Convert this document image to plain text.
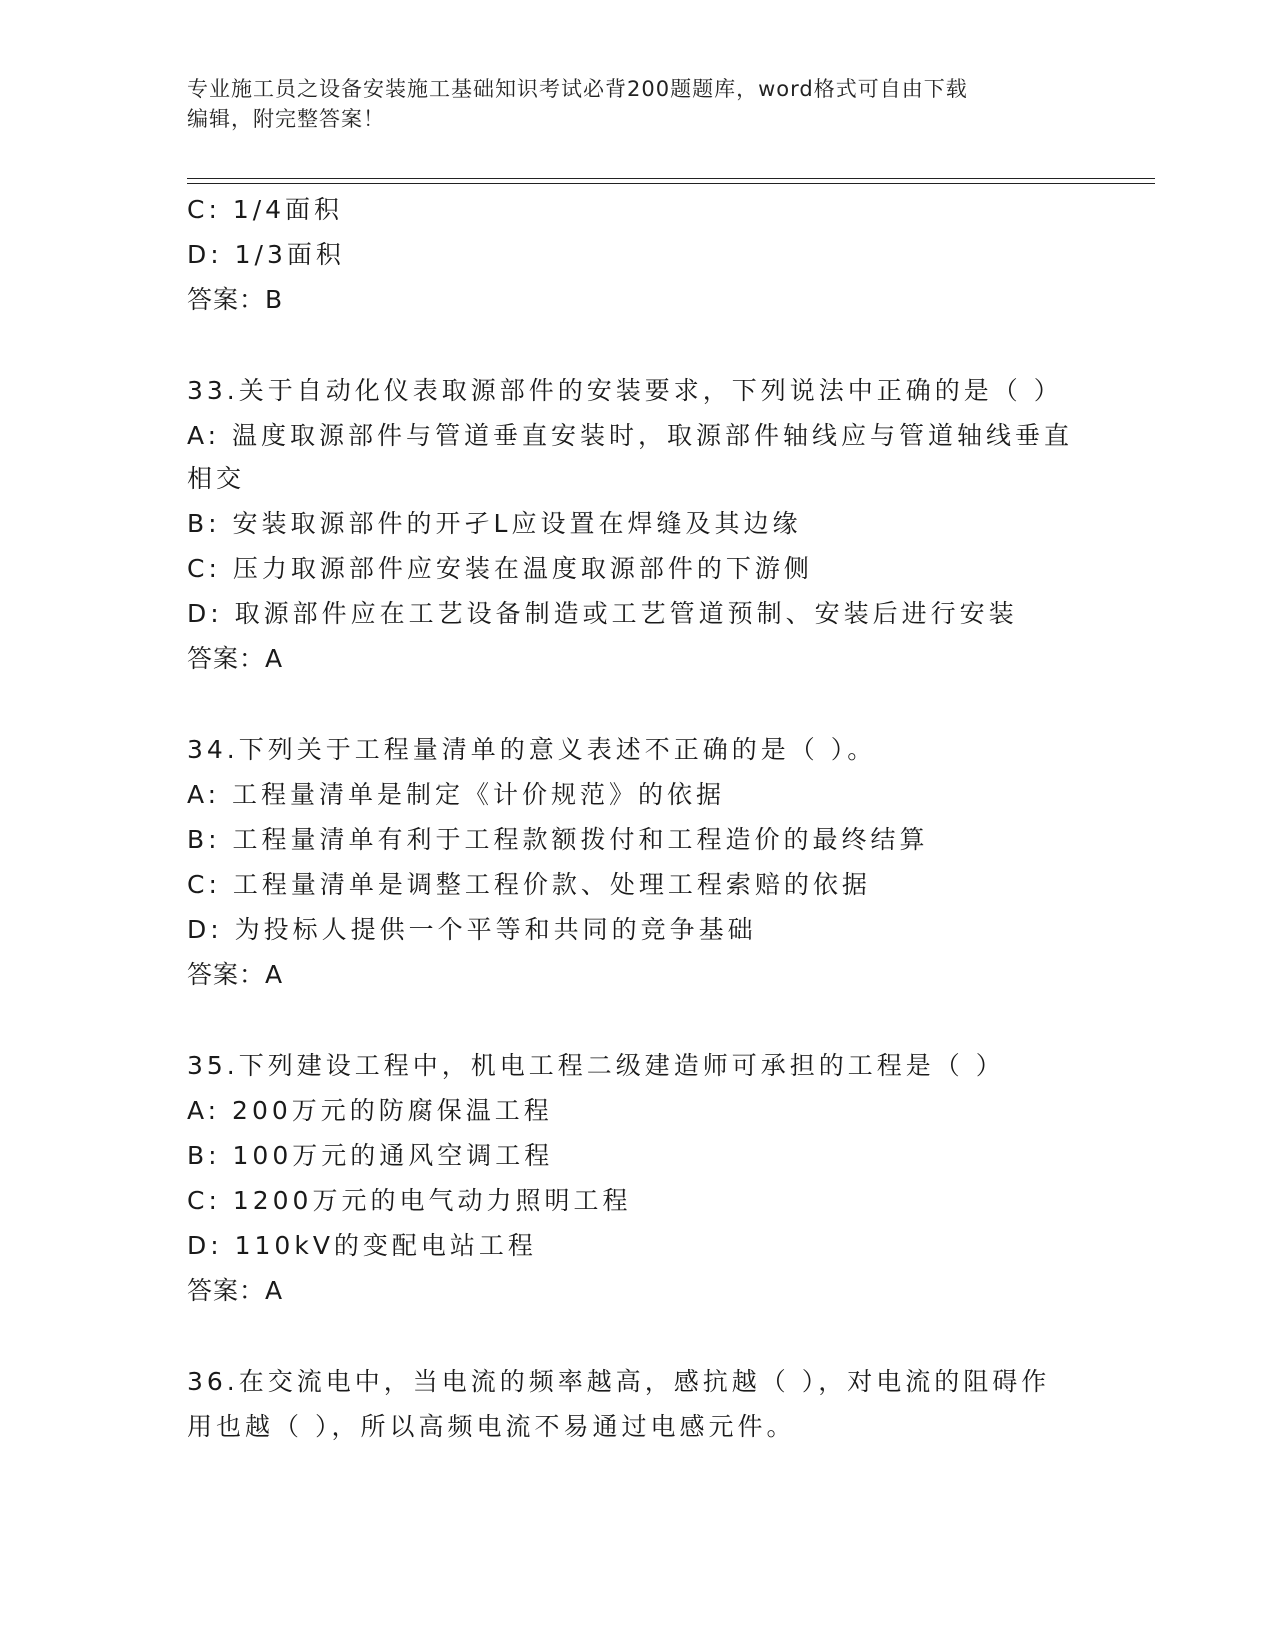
专业施工员之设备安装施工基础知识考试必背200题题库，word格式可自由下载
编辑，附完整答案！
C: 1/4面积
D: 1/3面积
答案：B
33.关于自动化仪表取源部件的安装要求，下列说法中正确的是（ ）
A: 温度取源部件与管道垂直安装时，取源部件轴线应与管道轴线垂直
相交
B: 安装取源部件的开孑L应设置在焊缝及其边缘
C: 压力取源部件应安装在温度取源部件的下游侧
D: 取源部件应在工艺设备制造或工艺管道预制、安装后进行安装
答案：A
34.下列关于工程量清单的意义表述不正确的是（ ）。
A: 工程量清单是制定《计价规范》的依据
B: 工程量清单有利于工程款额拨付和工程造价的最终结算
C: 工程量清单是调整工程价款、处理工程索赔的依据
D: 为投标人提供一个平等和共同的竞争基础
答案：A
35.下列建设工程中，机电工程二级建造师可承担的工程是（ ）
A: 200万元的防腐保温工程
B: 100万元的通风空调工程
C: 1200万元的电气动力照明工程
D: 110kV的变配电站工程
答案：A
36.在交流电中，当电流的频率越高，感抗越（ ），对电流的阻碍作
用也越（ ），所以高频电流不易通过电感元件。
